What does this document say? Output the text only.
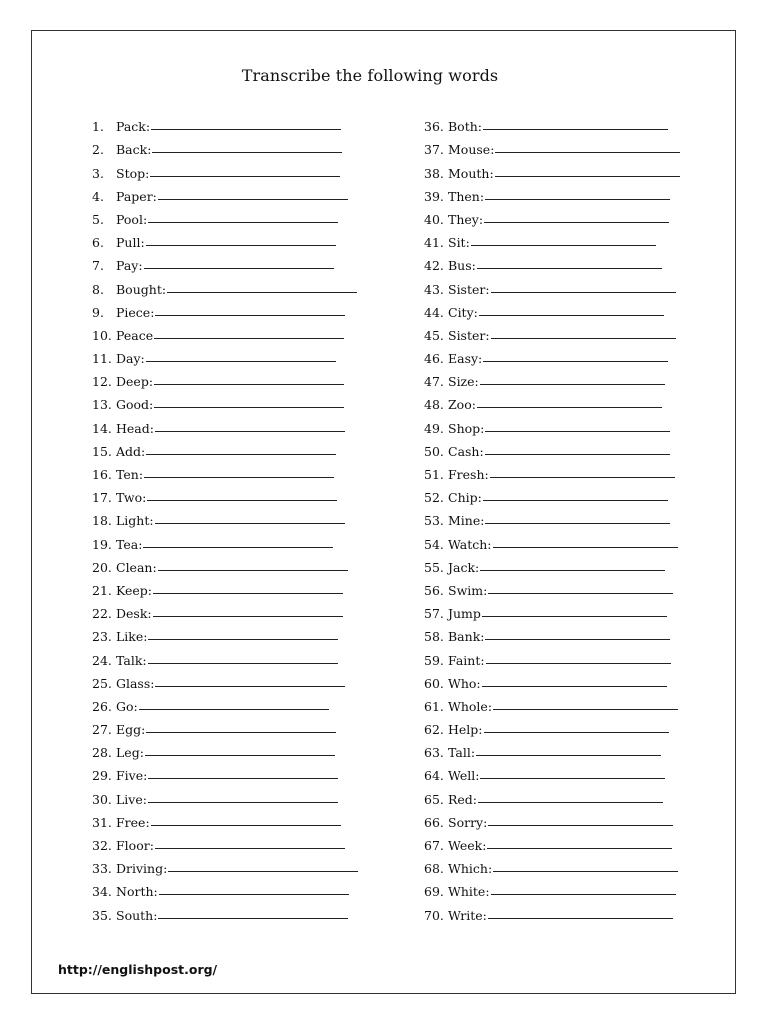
Transcribe the following words
1. Pack:
2. Back:
3. Stop:
4. Paper:
5. Pool:
6. Pull:
7. Pay:
8. Bought:
9. Piece:
10. Peace
11. Day:
12. Deep:
13. Good:
14. Head:
15. Add:
16. Ten:
17. Two:
18. Light:
19. Tea:
20. Clean:
21. Keep:
22. Desk:
23. Like:
24. Talk:
25. Glass:
26. Go:
27. Egg:
28. Leg:
29. Five:
30. Live:
31. Free:
32. Floor:
33. Driving:
34. North:
35. South:
36. Both:
37. Mouse:
38. Mouth:
39. Then:
40. They:
41. Sit:
42. Bus:
43. Sister:
44. City:
45. Sister:
46. Easy:
47. Size:
48. Zoo:
49. Shop:
50. Cash:
51. Fresh:
52. Chip:
53. Mine:
54. Watch:
55. Jack:
56. Swim:
57. Jump
58. Bank:
59. Faint:
60. Who:
61. Whole:
62. Help:
63. Tall:
64. Well:
65. Red:
66. Sorry:
67. Week:
68. Which:
69. White:
70. Write:
http://englishpost.org/
